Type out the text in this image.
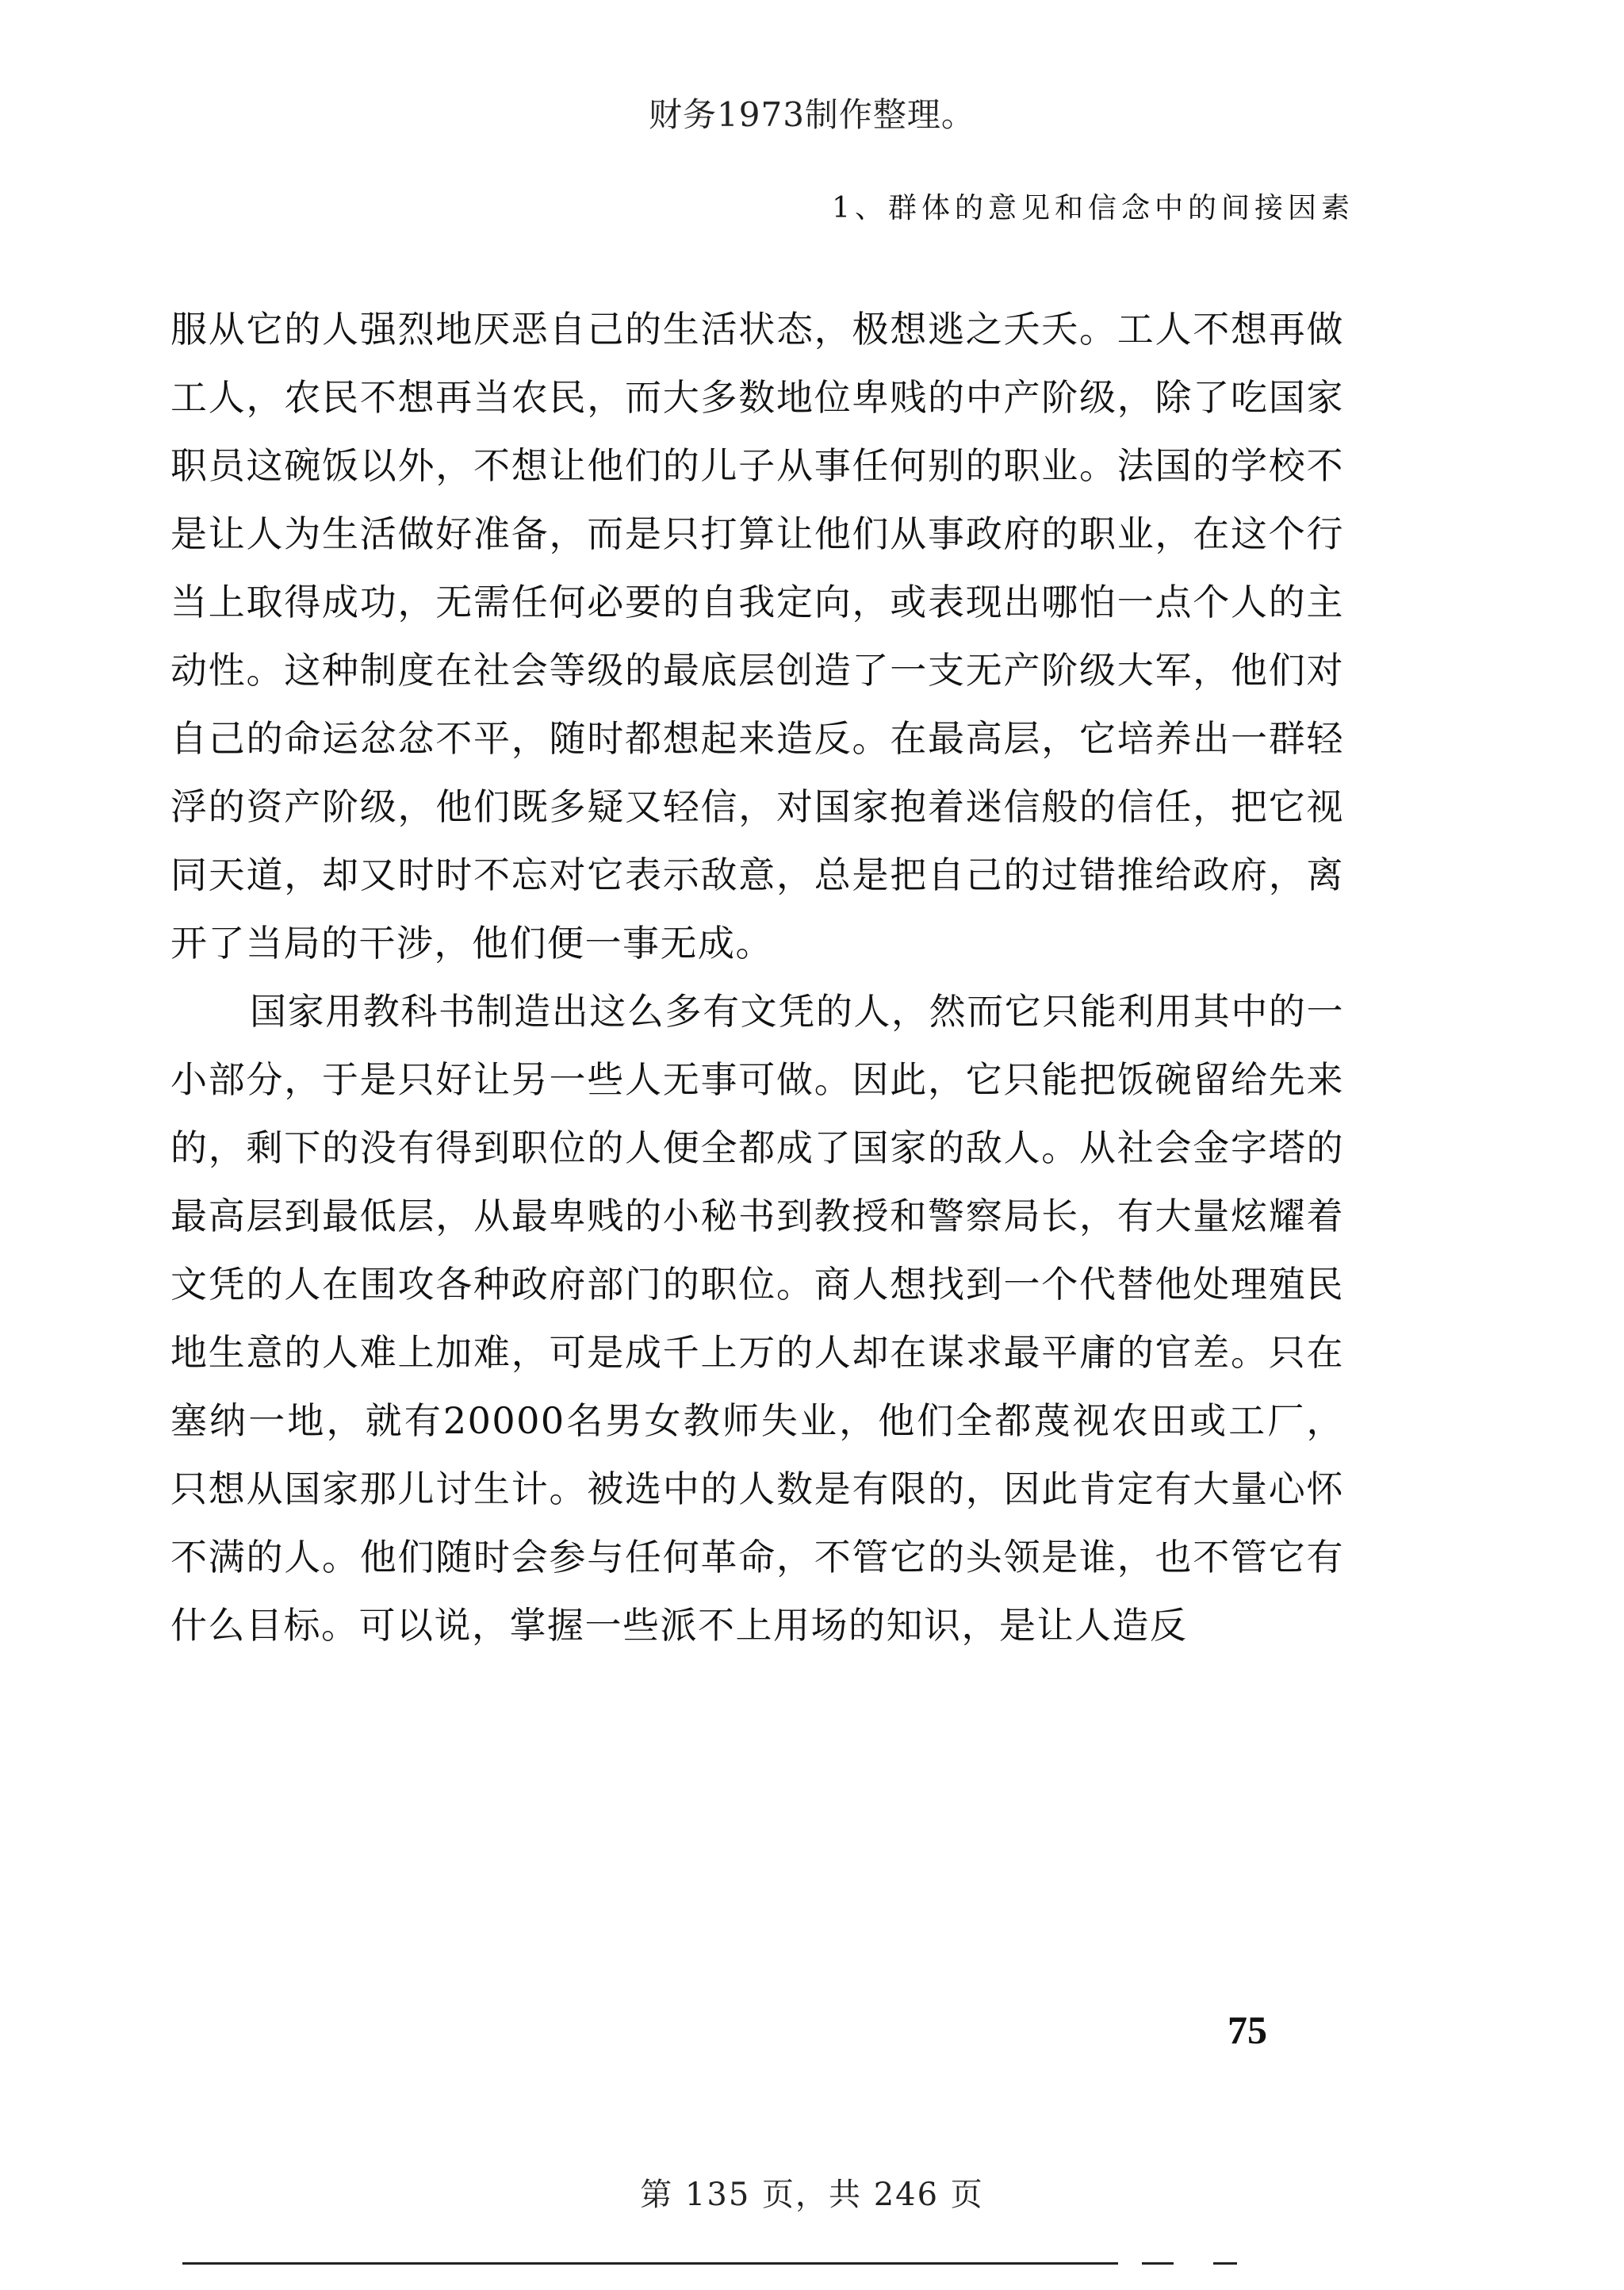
财务1973制作整理。
1、群体的意见和信念中的间接因素

服从它的人强烈地厌恶自己的生活状态，极想逃之夭夭。工人不想再做工人，农民不想再当农民，而大多数地位卑贱的中产阶级，除了吃国家职员这碗饭以外，不想让他们的儿子从事任何别的职业。法国的学校不是让人为生活做好准备，而是只打算让他们从事政府的职业，在这个行当上取得成功，无需任何必要的自我定向，或表现出哪怕一点个人的主动性。这种制度在社会等级的最底层创造了一支无产阶级大军，他们对自己的命运忿忿不平，随时都想起来造反。在最高层，它培养出一群轻浮的资产阶级，他们既多疑又轻信，对国家抱着迷信般的信任，把它视同天道，却又时时不忘对它表示敌意，总是把自己的过错推给政府，离开了当局的干涉，他们便一事无成。

国家用教科书制造出这么多有文凭的人，然而它只能利用其中的一小部分，于是只好让另一些人无事可做。因此，它只能把饭碗留给先来的，剩下的没有得到职位的人便全都成了国家的敌人。从社会金字塔的最高层到最低层，从最卑贱的小秘书到教授和警察局长，有大量炫耀着文凭的人在围攻各种政府部门的职位。商人想找到一个代替他处理殖民地生意的人难上加难，可是成千上万的人却在谋求最平庸的官差。只在塞纳一地，就有20000名男女教师失业，他们全都蔑视农田或工厂，只想从国家那儿讨生计。被选中的人数是有限的，因此肯定有大量心怀不满的人。他们随时会参与任何革命，不管它的头领是谁，也不管它有什么目标。可以说，掌握一些派不上用场的知识，是让人造反

75
第 135 页，共 246 页
